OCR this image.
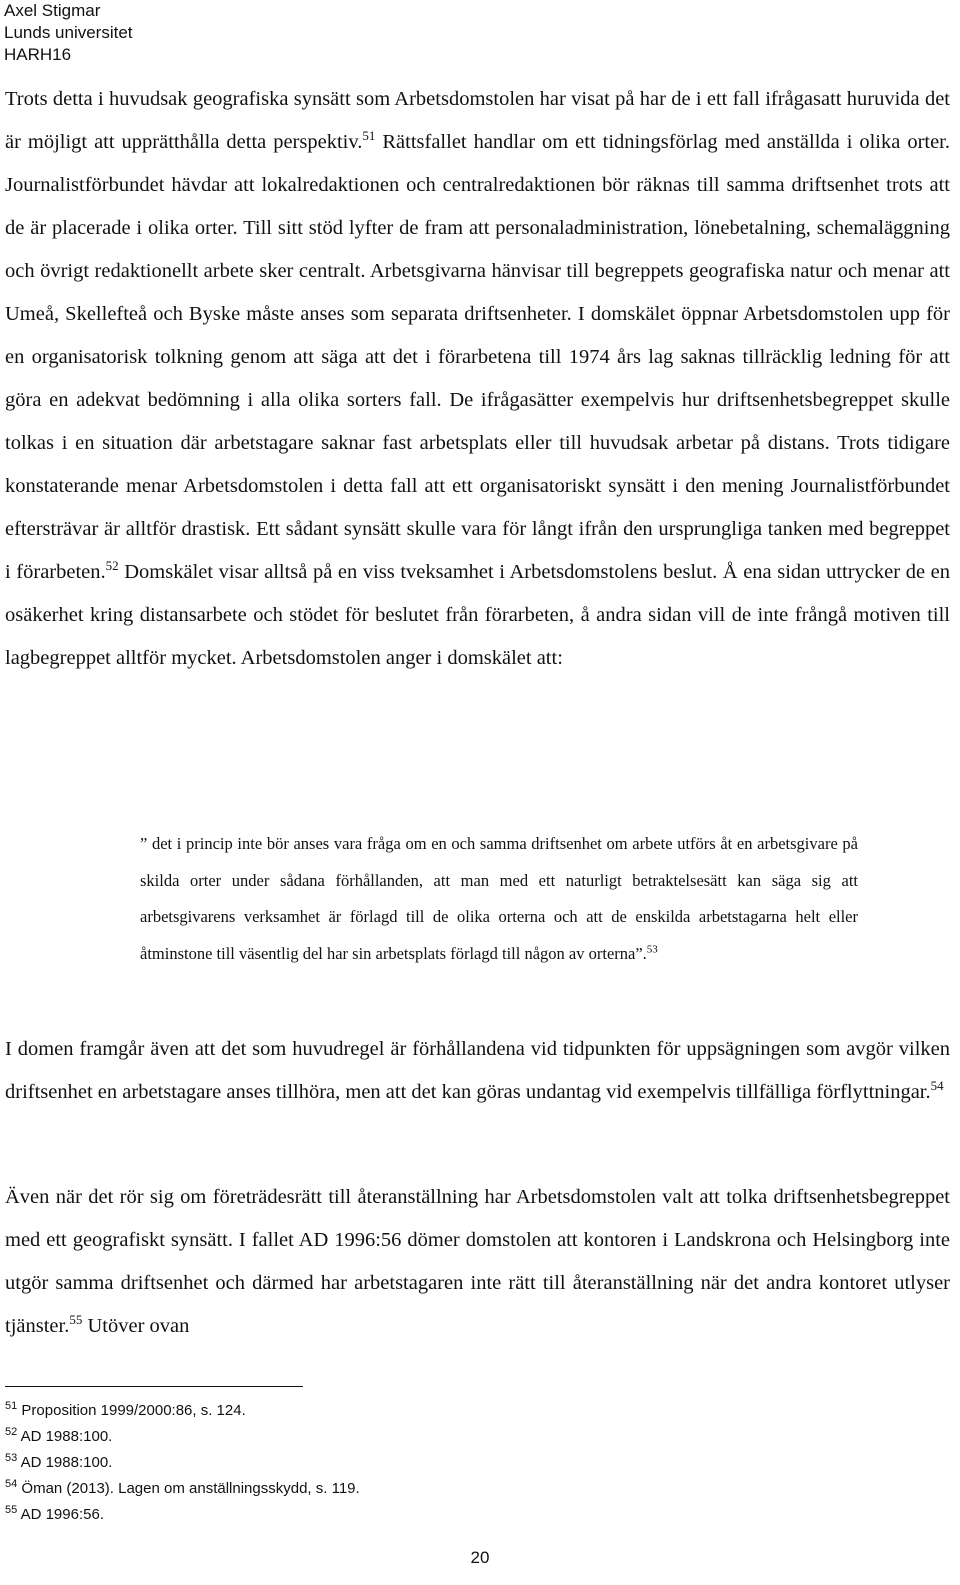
Axel Stigmar
Lunds universitet
HARH16

Trots detta i huvudsak geografiska synsätt som Arbetsdomstolen har visat på har de i ett fall ifrågasatt huruvida det är möjligt att upprätthålla detta perspektiv.$^{51}$ Rättsfallet handlar om ett tidningsförlag med anställda i olika orter. Journalistförbundet hävdar att lokalredaktionen och centralredaktionen bör räknas till samma driftsenhet trots att de är placerade i olika orter. Till sitt stöd lyfter de fram att personaladministration, lönebetalning, schemaläggning och övrigt redaktionellt arbete sker centralt. Arbetsgivarna hänvisar till begreppets geografiska natur och menar att Umeå, Skellefteå och Byske måste anses som separata driftsenheter. I domskälet öppnar Arbetsdomstolen upp för en organisatorisk tolkning genom att säga att det i förarbetena till 1974 års lag saknas tillräcklig ledning för att göra en adekvat bedömning i alla olika sorters fall. De ifrågasätter exempelvis hur driftsenhetsbegreppet skulle tolkas i en situation där arbetstagare saknar fast arbetsplats eller till huvudsak arbetar på distans. Trots tidigare konstaterande menar Arbetsdomstolen i detta fall att ett organisatoriskt synsätt i den mening Journalistförbundet eftersträvar är alltför drastisk. Ett sådant synsätt skulle vara för långt ifrån den ursprungliga tanken med begreppet i förarbeten.$^{52}$ Domskälet visar alltså på en viss tveksamhet i Arbetsdomstolens beslut. Å ena sidan uttrycker de en osäkerhet kring distansarbete och stödet för beslutet från förarbeten, å andra sidan vill de inte frångå motiven till lagbegreppet alltför mycket. Arbetsdomstolen anger i domskälet att:

” det i princip inte bör anses vara fråga om en och samma driftsenhet om arbete utförs åt en arbetsgivare på skilda orter under sådana förhållanden, att man med ett naturligt betraktelsesätt kan säga sig att arbetsgivarens verksamhet är förlagd till de olika orterna och att de enskilda arbetstagarna helt eller åtminstone till väsentlig del har sin arbetsplats förlagd till någon av orterna”.$^{53}$

I domen framgår även att det som huvudregel är förhållandena vid tidpunkten för uppsägningen som avgör vilken driftsenhet en arbetstagare anses tillhöra, men att det kan göras undantag vid exempelvis tillfälliga förflyttningar.$^{54}$

Även när det rör sig om företrädesrätt till återanställning har Arbetsdomstolen valt att tolka driftsenhetsbegreppet med ett geografiskt synsätt. I fallet AD 1996:56 dömer domstolen att kontoren i Landskrona och Helsingborg inte utgör samma driftsenhet och därmed har arbetstagaren inte rätt till återanställning när det andra kontoret utlyser tjänster.$^{55}$ Utöver ovan

$^{51}$ Proposition 1999/2000:86, s. 124.
$^{52}$ AD 1988:100.
$^{53}$ AD 1988:100.
$^{54}$ Öman (2013). Lagen om anställningsskydd, s. 119.
$^{55}$ AD 1996:56.
20
